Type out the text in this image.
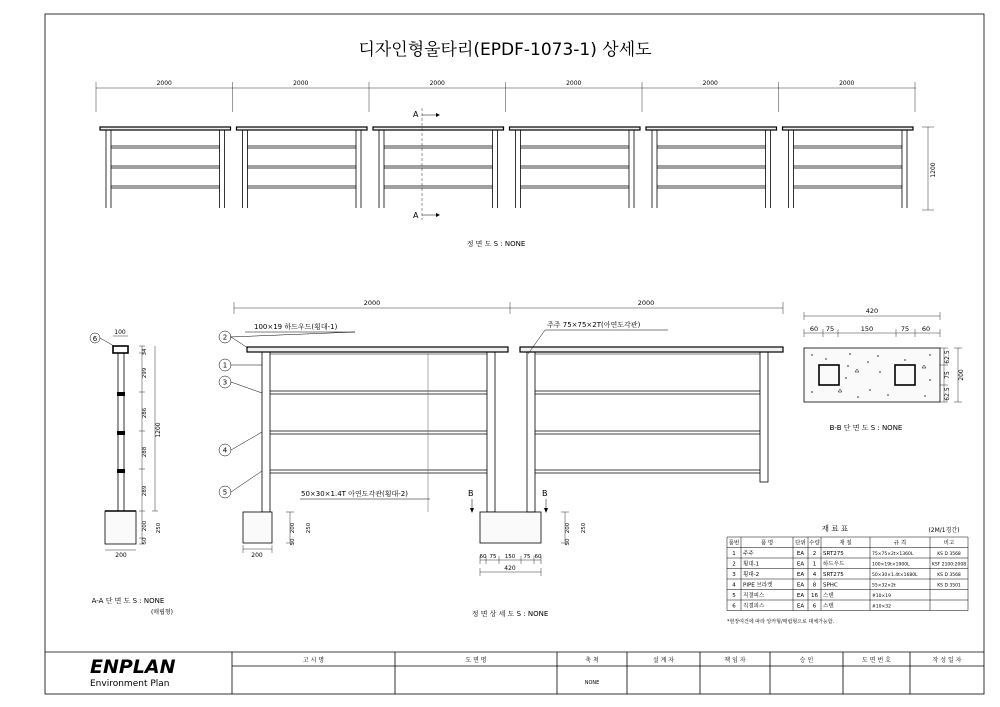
디자인형울타리(EPDF-1073-1) 상세도
2000	2000	2000	2000	2000	2000
1200
A
A
정 면 도 S : NONE
6
100
34
299
286
288
289
200 250
50
1200
200
A-A 단 면 도 S : NONE
(매립형)
2000	2000
1
2
3
4
5
100×19 하드우드(횡대-1)	주주 75×75×2T(아연도각관)
50×30×1.4T 아연도각관(횡대-2)	B	B
60 75 150 75 60
420
200 250
50
200 250
50
200
정 면 상 세 도 S : NONE
420
60 75	150	75 60
62.5
75
62.5
200
B-B 단 면 도 S : NONE
재 료 표	(2M/1경간)
품번	품 명	단위 수량	재 질	규 격	비고
1 주주	EA 2 SRT275	75×75×2t×1360L	KS D 3568
2 횡대-1	EA 1 하드우드	100×19t×1900L	KSF 2100:2008
3 횡대-2	EA 4 SRT275	50×30×1.4t×1680L	KS D 3568
4 PIPE 브라켓	EA 8 SPHC	55×32×2t	KS D 3501
5 직결피스	EA 16 스텐	#10×19
6 직결피스	EA 6 스텐	#10×32
*현장여건에 따라 앙카형/매립형으로 대체가능함.
고 시 명	도 면 명	축 척	설 계 자	책 임 자	승 인	도 면 번 호	작 성 일 자
ENPLAN
Environment Plan	NONE
